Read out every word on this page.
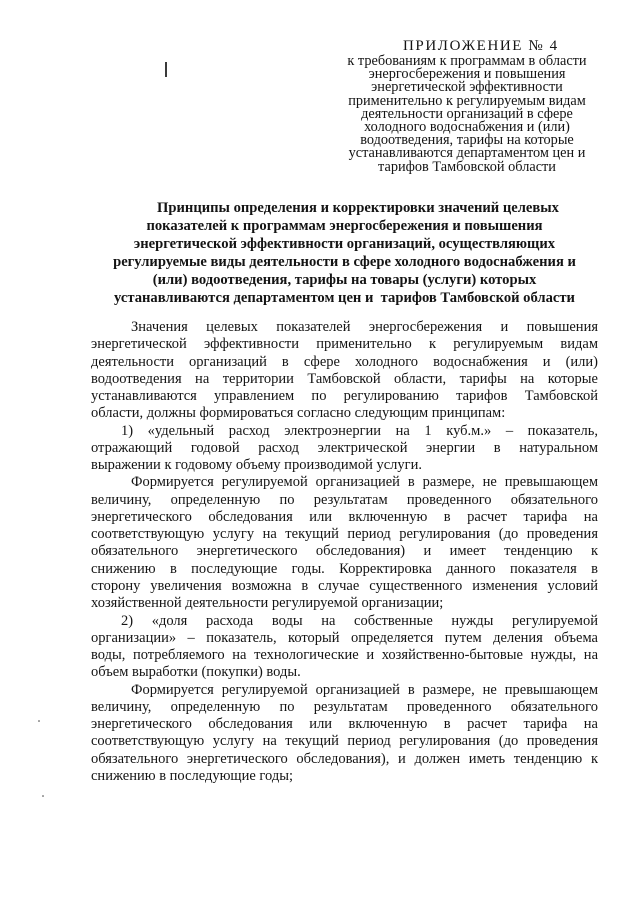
ПРИЛОЖЕНИЕ № 4
к требованиям к программам в области
энергосбережения и повышения
энергетической эффективности
применительно к регулируемым видам
деятельности организаций в сфере
холодного водоснабжения и (или)
водоотведения, тарифы на которые
устанавливаются департаментом цен и
тарифов Тамбовской области
Принципы определения и корректировки значений целевых
показателей к программам энергосбережения и повышения
энергетической эффективности организаций, осуществляющих
регулируемые виды деятельности в сфере холодного водоснабжения и
(или) водоотведения, тарифы на товары (услуги) которых
устанавливаются департаментом цен и  тарифов Тамбовской области
Значения целевых показателей энергосбережения и повышения
энергетической эффективности применительно к регулируемым видам
деятельности организаций в сфере холодного водоснабжения и (или)
водоотведения на территории Тамбовской области, тарифы на которые
устанавливаются управлением по регулированию тарифов Тамбовской
области, должны формироваться согласно следующим принципам:
1) «удельный расход электроэнергии на 1 куб.м.» – показатель,
отражающий годовой расход электрической энергии в натуральном
выражении к годовому объему производимой услуги.
Формируется регулируемой организацией в размере, не превышающем
величину, определенную по результатам проведенного обязательного
энергетического обследования или включенную в расчет тарифа на
соответствующую услугу на текущий период регулирования (до проведения
обязательного энергетического обследования) и имеет тенденцию к
снижению в последующие годы. Корректировка данного показателя в
сторону увеличения возможна в случае существенного изменения условий
хозяйственной деятельности регулируемой организации;
2) «доля расхода воды на собственные нужды регулируемой
организации» – показатель, который определяется путем деления объема
воды, потребляемого на технологические и хозяйственно-бытовые нужды, на
объем выработки (покупки) воды.
Формируется регулируемой организацией в размере, не превышающем
величину, определенную по результатам проведенного обязательного
энергетического обследования или включенную в расчет тарифа на
соответствующую услугу на текущий период регулирования (до проведения
обязательного энергетического обследования), и должен иметь тенденцию к
снижению в последующие годы;
